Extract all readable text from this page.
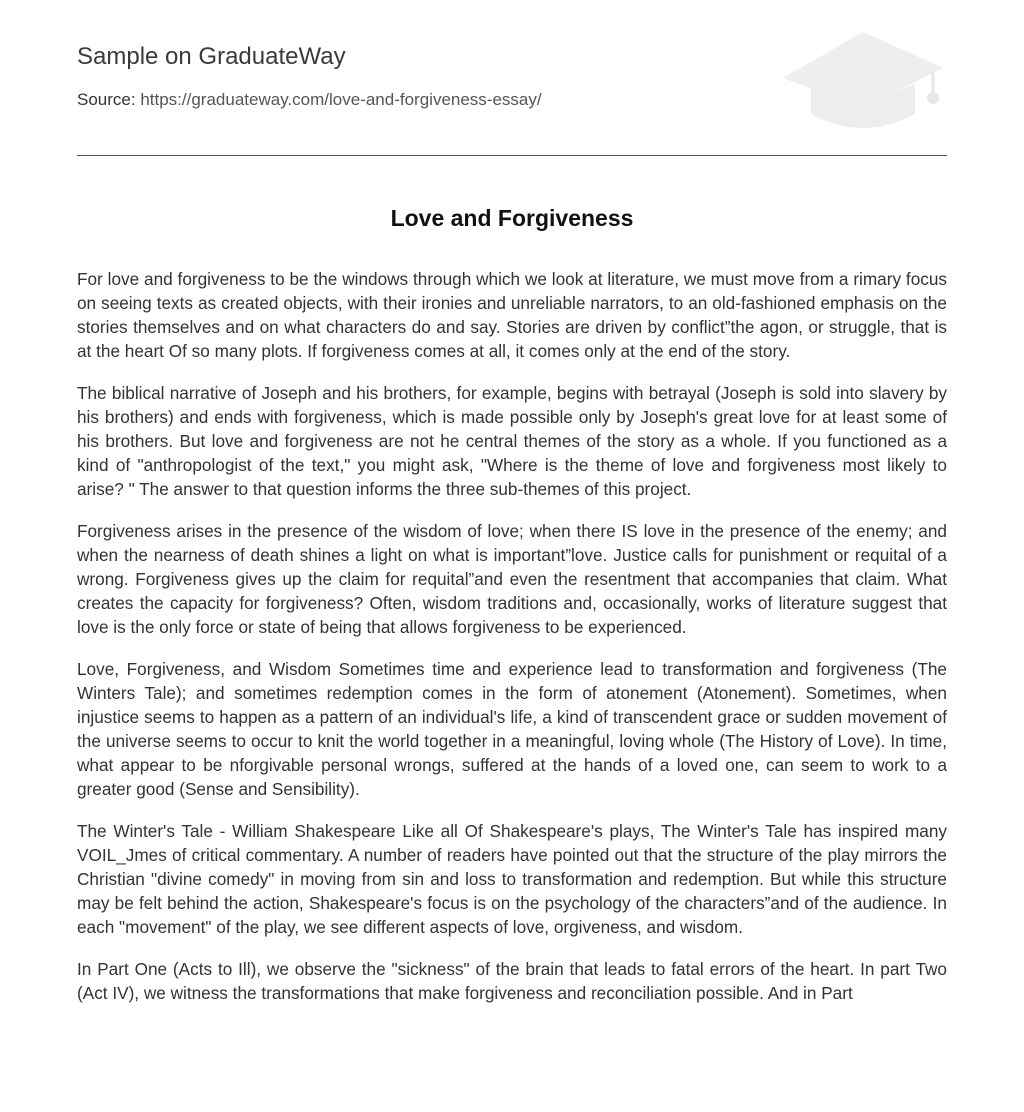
Sample on GraduateWay
Source: https://graduateway.com/love-and-forgiveness-essay/
Love and Forgiveness

For love and forgiveness to be the windows through which we look at literature, we must move from a rimary focus on seeing texts as created objects, with their ironies and unreliable narrators, to an old-fashioned emphasis on the stories themselves and on what characters do and say. Stories are driven by conflict”the agon, or struggle, that is at the heart Of so many plots. If forgiveness comes at all, it comes only at the end of the story.

The biblical narrative of Joseph and his brothers, for example, begins with betrayal (Joseph is sold into slavery by his brothers) and ends with forgiveness, which is made possible only by Joseph's great love for at least some of his brothers. But love and forgiveness are not he central themes of the story as a whole. If you functioned as a kind of "anthropologist of the text," you might ask, "Where is the theme of love and forgiveness most likely to arise? " The answer to that question informs the three sub-themes of this project.

Forgiveness arises in the presence of the wisdom of love; when there IS love in the presence of the enemy; and when the nearness of death shines a light on what is important”love. Justice calls for punishment or requital of a wrong. Forgiveness gives up the claim for requital”and even the resentment that accompanies that claim. What creates the capacity for forgiveness? Often, wisdom traditions and, occasionally, works of literature suggest that love is the only force or state of being that allows forgiveness to be experienced.

Love, Forgiveness, and Wisdom Sometimes time and experience lead to transformation and forgiveness (The Winters Tale); and sometimes redemption comes in the form of atonement (Atonement). Sometimes, when injustice seems to happen as a pattern of an individual's life, a kind of transcendent grace or sudden movement of the universe seems to occur to knit the world together in a meaningful, loving whole (The History of Love). In time, what appear to be nforgivable personal wrongs, suffered at the hands of a loved one, can seem to work to a greater good (Sense and Sensibility).

The Winter's Tale - William Shakespeare Like all Of Shakespeare's plays, The Winter's Tale has inspired many VOIL_Jmes of critical commentary. A number of readers have pointed out that the structure of the play mirrors the Christian "divine comedy" in moving from sin and loss to transformation and redemption. But while this structure may be felt behind the action, Shakespeare's focus is on the psychology of the characters”and of the audience. In each "movement" of the play, we see different aspects of love, orgiveness, and wisdom.

In Part One (Acts to Ill), we observe the "sickness" of the brain that leads to fatal errors of the heart. In part Two (Act IV), we witness the transformations that make forgiveness and reconciliation possible. And in Part
